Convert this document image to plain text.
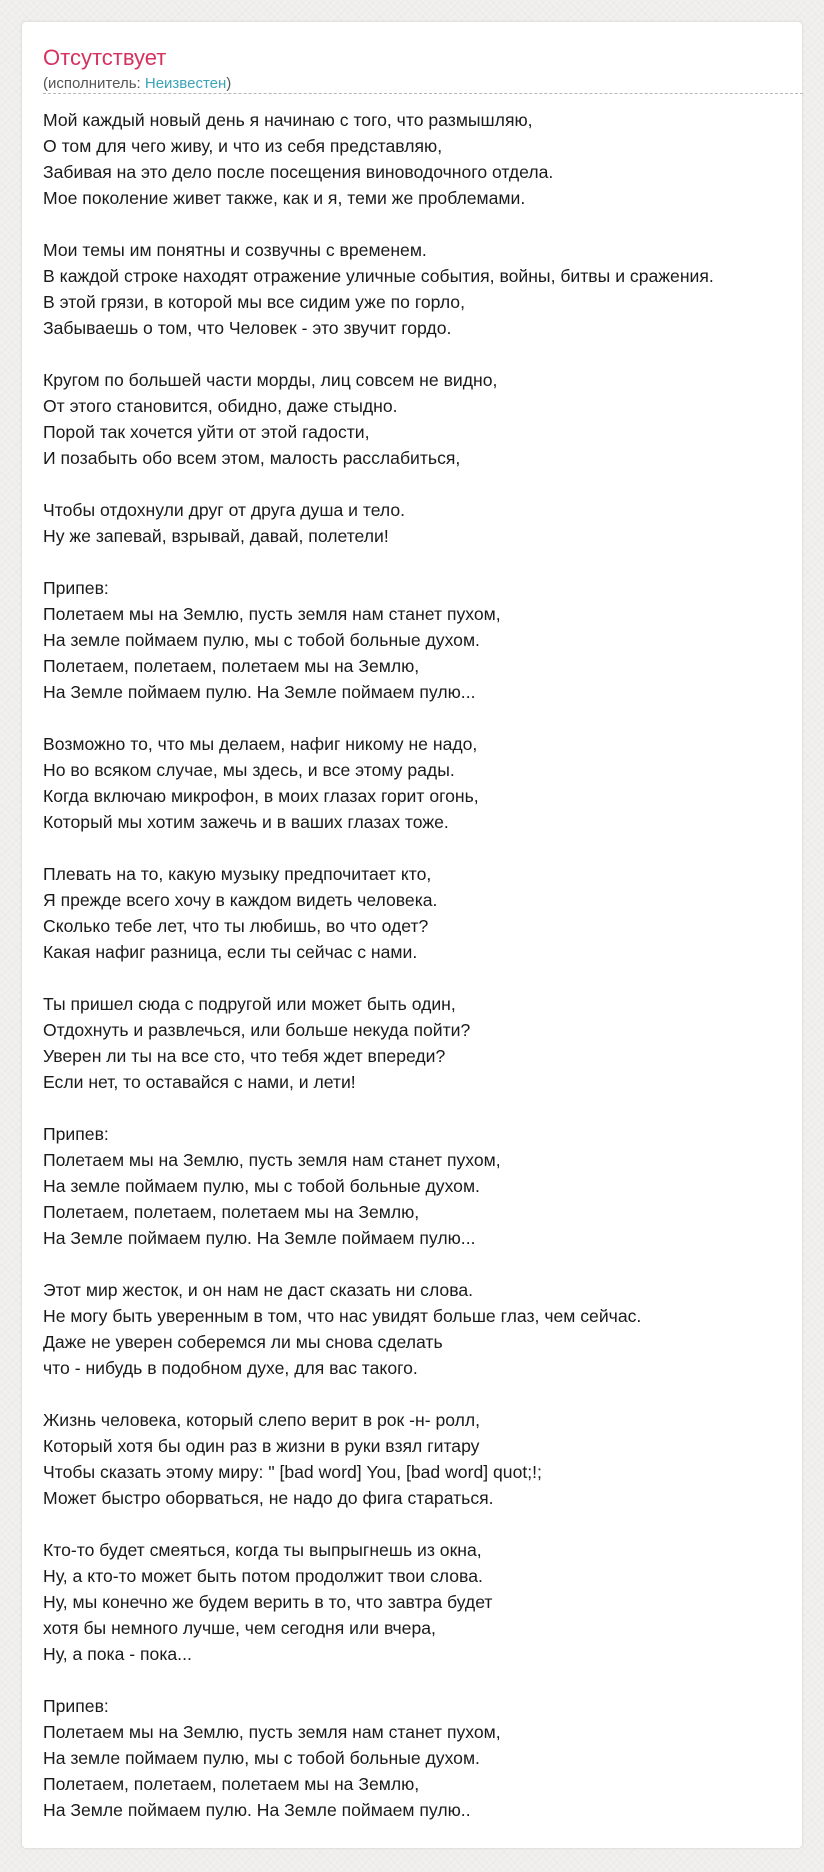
Отсутствует
(исполнитель: Неизвестен)
Мой каждый новый день я начинаю с того, что размышляю,
О том для чего живу, и что из себя представляю,
Забивая на это дело после посещения виноводочного отдела.
Мое поколение живет также, как и я, теми же проблемами.
Мои темы им понятны и созвучны с временем.
В каждой строке находят отражение уличные события, войны, битвы и сражения.
В этой грязи, в которой мы все сидим уже по горло,
Забываешь о том, что Человек - это звучит гордо.
Кругом по большей части морды, лиц совсем не видно,
От этого становится, обидно, даже стыдно.
Порой так хочется уйти от этой гадости,
И позабыть обо всем этом, малость расслабиться,
Чтобы отдохнули друг от друга душа и тело.
Ну же запевай, взрывай, давай, полетели!
Припев:
Полетаем мы на Землю, пусть земля нам станет пухом,
На земле поймаем пулю, мы с тобой больные духом.
Полетаем, полетаем, полетаем мы на Землю,
На Земле поймаем пулю. На Земле поймаем пулю...
Возможно то, что мы делаем, нафиг никому не надо,
Но во всяком случае, мы здесь, и все этому рады.
Когда включаю микрофон, в моих глазах горит огонь,
Который мы хотим зажечь и в ваших глазах тоже.
Плевать на то, какую музыку предпочитает кто,
Я прежде всего хочу в каждом видеть человека.
Сколько тебе лет, что ты любишь, во что одет?
Какая нафиг разница, если ты сейчас с нами.
Ты пришел сюда с подругой или может быть один,
Отдохнуть и развлечься, или больше некуда пойти?
Уверен ли ты на все сто, что тебя ждет впереди?
Если нет, то оставайся с нами, и лети!
Припев:
Полетаем мы на Землю, пусть земля нам станет пухом,
На земле поймаем пулю, мы с тобой больные духом.
Полетаем, полетаем, полетаем мы на Землю,
На Земле поймаем пулю. На Земле поймаем пулю...
Этот мир жесток, и он нам не даст сказать ни слова.
Не могу быть уверенным в том, что нас увидят больше глаз, чем сейчас.
Даже не уверен соберемся ли мы снова сделать
что - нибудь в подобном духе, для вас такого.
Жизнь человека, который слепо верит в рок -н- ролл,
Который хотя бы один раз в жизни в руки взял гитару
Чтобы сказать этому миру: " [bad word] You, [bad word] quot;!;
Может быстро оборваться, не надо до фига стараться.
Кто-то будет смеяться, когда ты выпрыгнешь из окна,
Ну, а кто-то может быть потом продолжит твои слова.
Ну, мы конечно же будем верить в то, что завтра будет
хотя бы немного лучше, чем сегодня или вчера,
Ну, а пока - пока...
Припев:
Полетаем мы на Землю, пусть земля нам станет пухом,
На земле поймаем пулю, мы с тобой больные духом.
Полетаем, полетаем, полетаем мы на Землю,
На Земле поймаем пулю. На Земле поймаем пулю..
